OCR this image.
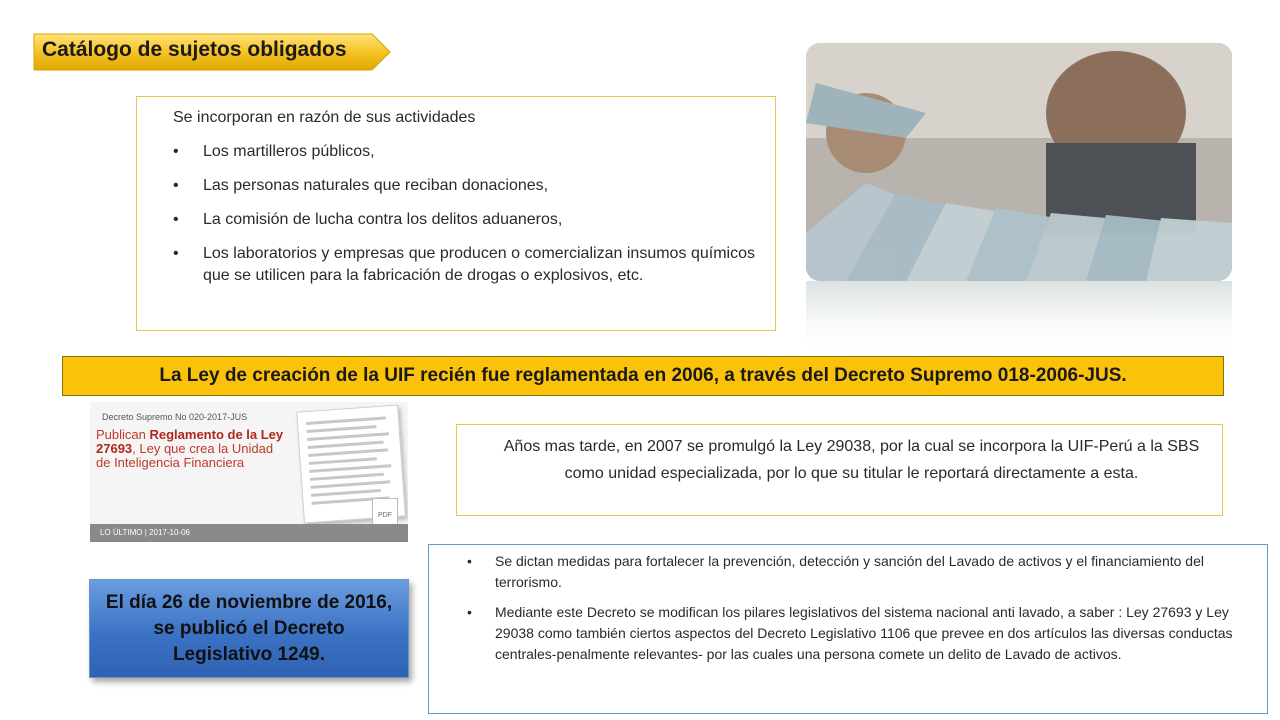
Catálogo de sujetos obligados

Se incorporan en razón de sus actividades

• Los martilleros públicos,
• Las personas naturales que reciban donaciones,
• La comisión de lucha contra los delitos aduaneros,
• Los laboratorios y empresas que producen o comercializan insumos químicos que se utilicen para la fabricación de drogas o explosivos, etc.
La Ley de creación de la UIF recién fue reglamentada en 2006, a través del Decreto Supremo 018-2006-JUS.
Decreto Supremo No 020-2017-JUS
Publican Reglamento de la Ley 27693, Ley que crea la Unidad de Inteligencia Financiera
PDF
LO ÚLTIMO | 2017-10-06
Años mas tarde, en 2007 se promulgó la Ley 29038, por la cual se incorpora la UIF-Perú a la SBS como unidad especializada, por lo que su titular le reportará directamente a esta.
• Se dictan medidas para fortalecer la prevención, detección y sanción del Lavado de activos y el financiamiento del terrorismo.
• Mediante este Decreto se modifican los pilares legislativos del sistema nacional anti lavado, a saber : Ley 27693 y Ley 29038 como también ciertos aspectos del Decreto Legislativo 1106 que prevee en dos artículos las diversas conductas centrales-penalmente relevantes- por las cuales una persona comete un delito de Lavado de activos.
El día 26 de noviembre de 2016, se publicó el Decreto Legislativo 1249.
